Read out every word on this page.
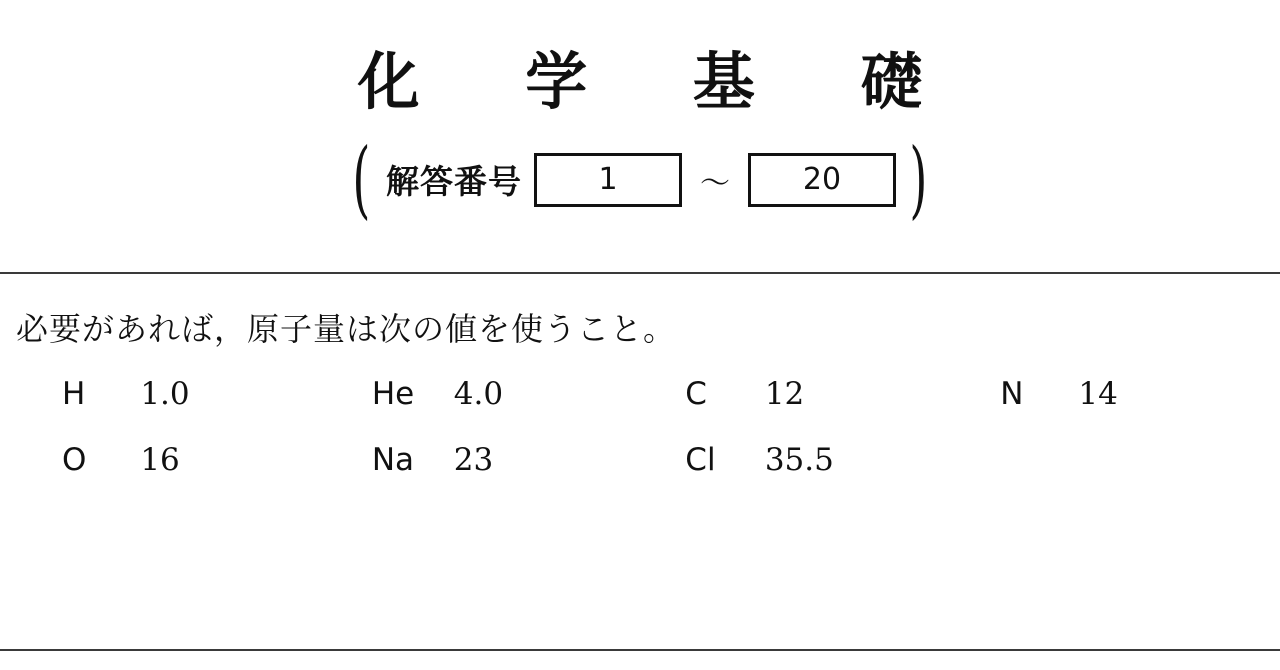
化 学 基 礎
( 解答番号	1	～	20 )
必要があれば，原子量は次の値を使うこと。
H	1.0	He	4.0	C	12	N	14
O	16	Na	23	Cl	35.5		
